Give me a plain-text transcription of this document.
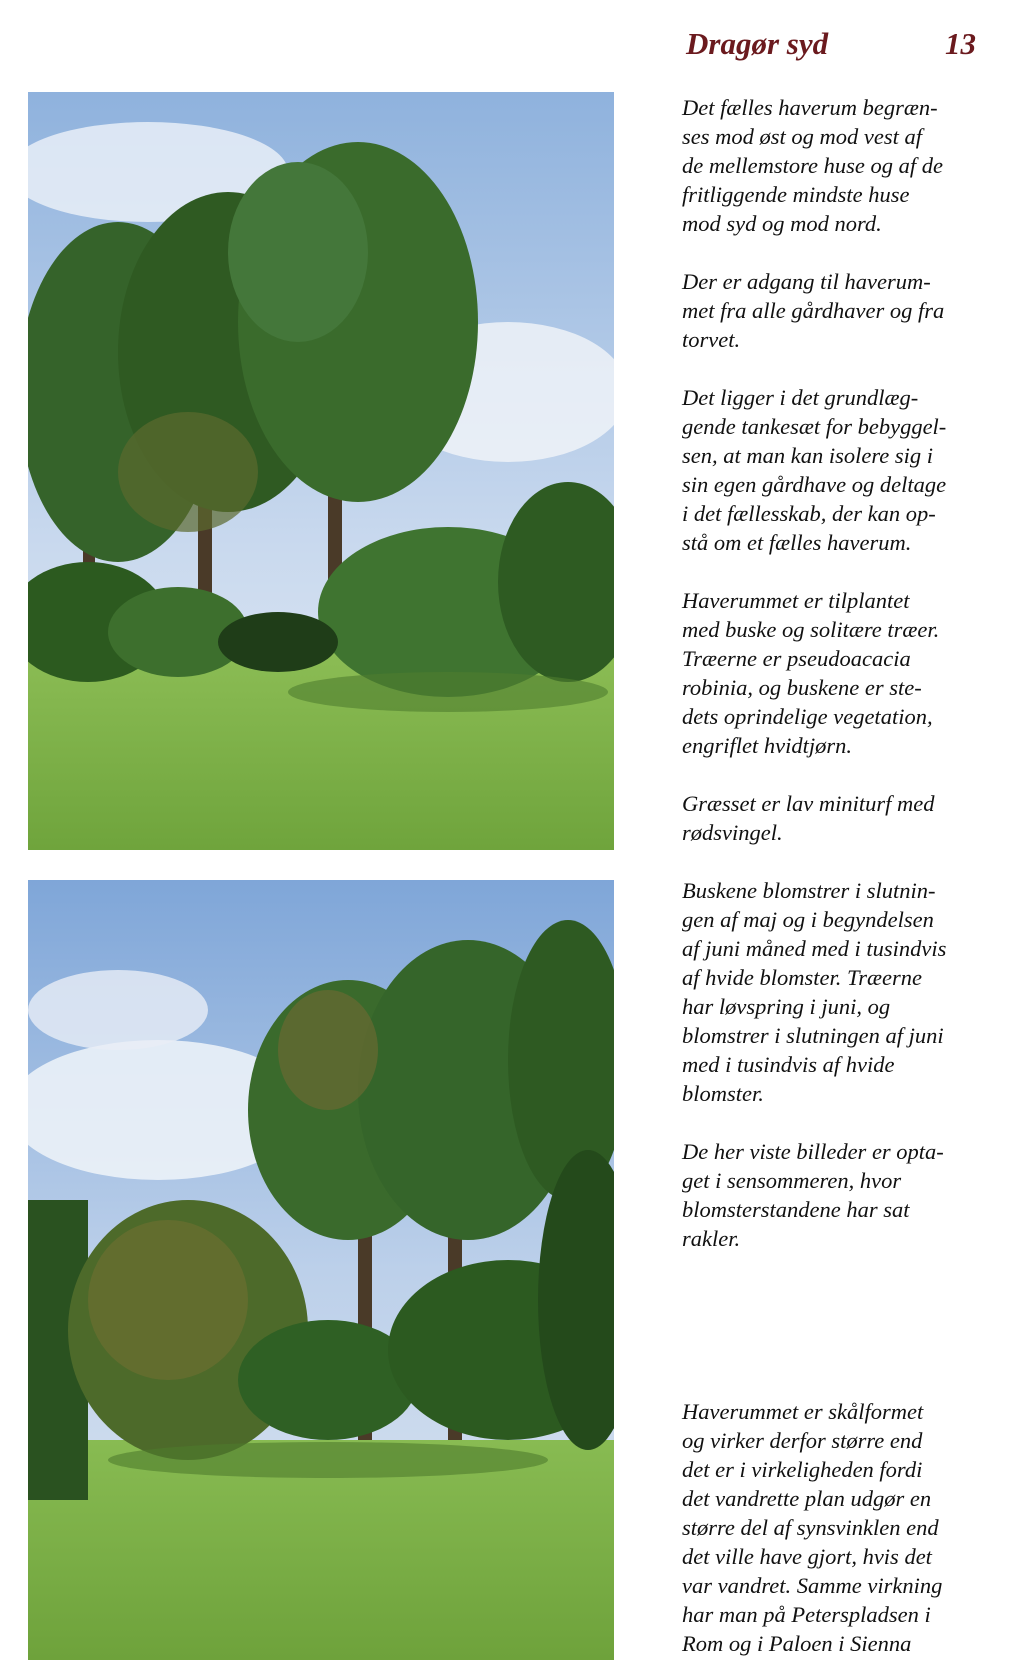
Dragør syd	13

Det fælles haverum begræn-
ses mod øst og mod vest af
de mellemstore huse og af de
fritliggende mindste huse
mod syd og mod nord.

Der er adgang til haverum-
met fra alle gårdhaver og fra
torvet.

Det ligger i det grundlæg-
gende tankesæt for bebyggel-
sen, at man kan isolere sig i
sin egen gårdhave og deltage
i det fællesskab, der kan op-
stå om et fælles haverum.

Haverummet er tilplantet
med buske og solitære træer.
Træerne er pseudoacacia
robinia, og buskene er ste-
dets oprindelige vegetation,
engriflet hvidtjørn.

Græsset er lav miniturf med
rødsvingel.

Buskene blomstrer i slutnin-
gen af maj og i begyndelsen
af juni måned med i tusindvis
af hvide blomster. Træerne
har løvspring i juni, og
blomstrer i slutningen af juni
med i tusindvis af hvide
blomster.

De her viste billeder er opta-
get i sensommeren, hvor
blomsterstandene har sat
rakler.

Haverummet er skålformet
og virker derfor større end
det er i virkeligheden fordi
det vandrette plan udgør en
større del af synsvinklen end
det ville have gjort, hvis det
var vandret. Samme virkning
har man på Peterspladsen i
Rom og i Paloen i Sienna
